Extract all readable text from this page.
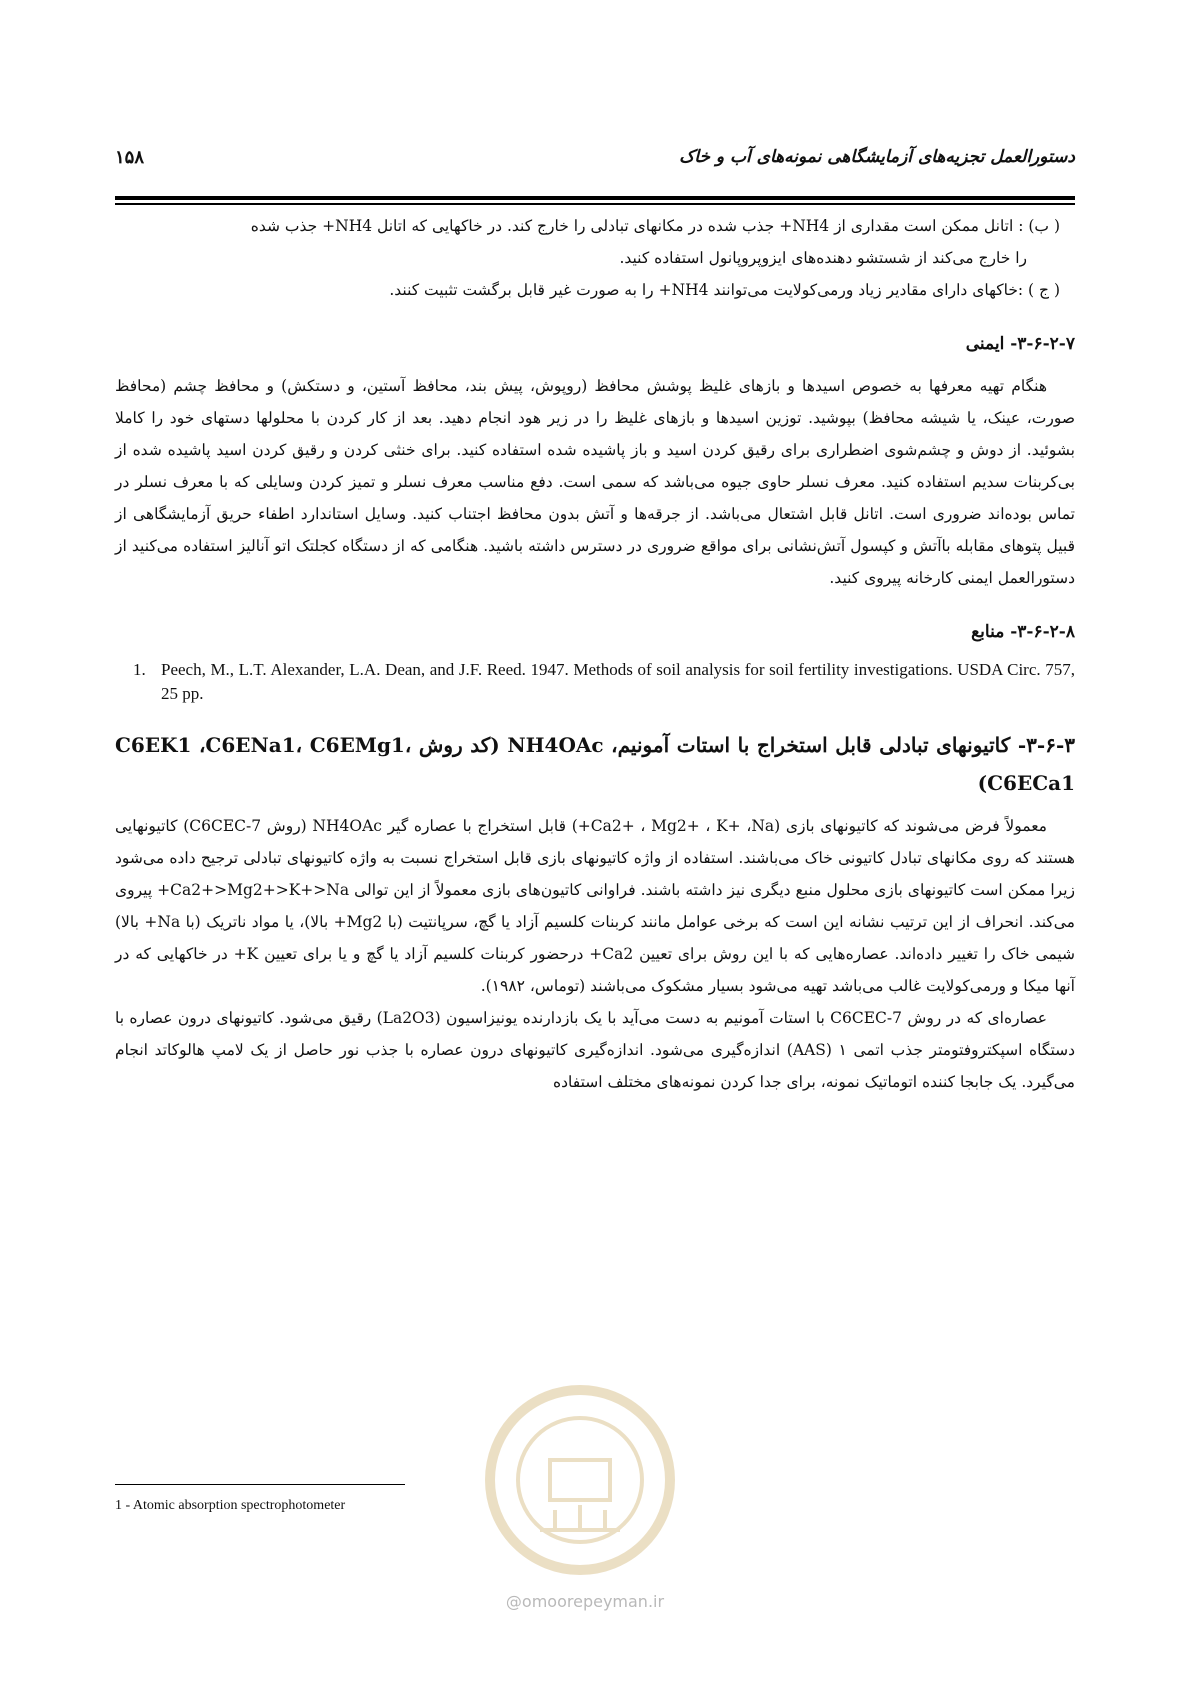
۱۵۸	دستورالعمل تجزیه‌های آزمایشگاهی نمونه‌های آب و خاک

( ب) : اتانل ممکن است مقداری از NH4+ جذب شده در مکانهای تبادلی را خارج کند. در خاکهایی که اتانل NH4+ جذب شده

را خارج می‌کند از شستشو دهنده‌های ایزوپروپانول استفاده کنید.

( ج ) :خاکهای دارای مقادیر زیاد ورمی‌کولایت می‌توانند NH4+ را به صورت غیر قابل برگشت تثبیت کنند.

۳-۶-۲-۷- ایمنی

هنگام تهیه معرفها به خصوص اسیدها و بازهای غلیظ پوشش محافظ (روپوش، پیش بند، محافظ آستین، و دستکش) و محافظ چشم (محافظ صورت، عینک، یا شیشه محافظ) بپوشید. توزین اسیدها و بازهای غلیظ را در زیر هود انجام دهید. بعد از کار کردن با محلولها دستهای خود را کاملا بشوئید. از دوش و چشم‌شوی اضطراری برای رقیق کردن اسید و باز پاشیده شده استفاده کنید. برای خنثی کردن و رقیق کردن اسید پاشیده شده از بی‌کربنات سدیم استفاده کنید. معرف نسلر حاوی جیوه می‌باشد که سمی است. دفع مناسب معرف نسلر و تمیز کردن وسایلی که با معرف نسلر در تماس بوده‌اند ضروری است. اتانل قابل اشتعال می‌باشد. از جرقه‌ها و آتش بدون محافظ اجتناب کنید. وسایل استاندارد اطفاء حریق آزمایشگاهی از قبیل پتوهای مقابله باآتش و کپسول آتش‌نشانی برای مواقع ضروری در دسترس داشته باشید. هنگامی که از دستگاه کجلتک اتو آنالیز استفاده می‌کنید از دستورالعمل ایمنی کارخانه پیروی کنید.

۳-۶-۲-۸- منابع

1. Peech, M., L.T. Alexander, L.A. Dean, and J.F. Reed. 1947. Methods of soil analysis for soil fertility investigations. USDA Circ. 757, 25 pp.

۳-۶-۳- کاتیونهای تبادلی قابل استخراج با استات آمونیم، NH4OAc (کد روش C6EK1 ،C6ENa1، C6EMg1، C6ECa1)

معمولاً فرض می‌شوند که کاتیونهای بازی (Ca2+ ، Mg2+ ، K+ ،Na+) قابل استخراج با عصاره گیر NH4OAc (روش C6CEC-7) کاتیونهایی هستند که روی مکانهای تبادل کاتیونی خاک می‌باشند. استفاده از واژه کاتیونهای بازی قابل استخراج نسبت به واژه کاتیونهای تبادلی ترجیح داده می‌شود زیرا ممکن است کاتیونهای بازی محلول منبع دیگری نیز داشته باشند. فراوانی کاتیون‌های بازی معمولاً از این توالی Ca2+>Mg2+>K+>Na+ پیروی می‌کند. انحراف از این ترتیب نشانه این است که برخی عوامل مانند کربنات کلسیم آزاد یا گچ، سرپانتیت (با Mg2+ بالا)، یا مواد ناتریک (با Na+ بالا) شیمی خاک را تغییر داده‌اند. عصاره‌هایی که با این روش برای تعیین Ca2+ درحضور کربنات کلسیم آزاد یا گچ و یا برای تعیین K+ در خاکهایی که در آنها میکا و ورمی‌کولایت غالب می‌باشد تهیه می‌شود بسیار مشکوک می‌باشند (توماس، ۱۹۸۲).

عصاره‌ای که در روش C6CEC-7 با استات آمونیم به دست می‌آید با یک بازدارنده یونیزاسیون (La2O3) رقیق می‌شود. کاتیونهای درون عصاره با دستگاه اسپکتروفتومتر جذب اتمی ۱ (AAS) اندازه‌گیری می‌شود. اندازه‌گیری کاتیونهای درون عصاره با جذب نور حاصل از یک لامپ هالوکاتد انجام می‌گیرد. یک جابجا کننده اتوماتیک نمونه، برای جدا کردن نمونه‌های مختلف استفاده

1 - Atomic absorption spectrophotometer
@omoorepeyman.ir
